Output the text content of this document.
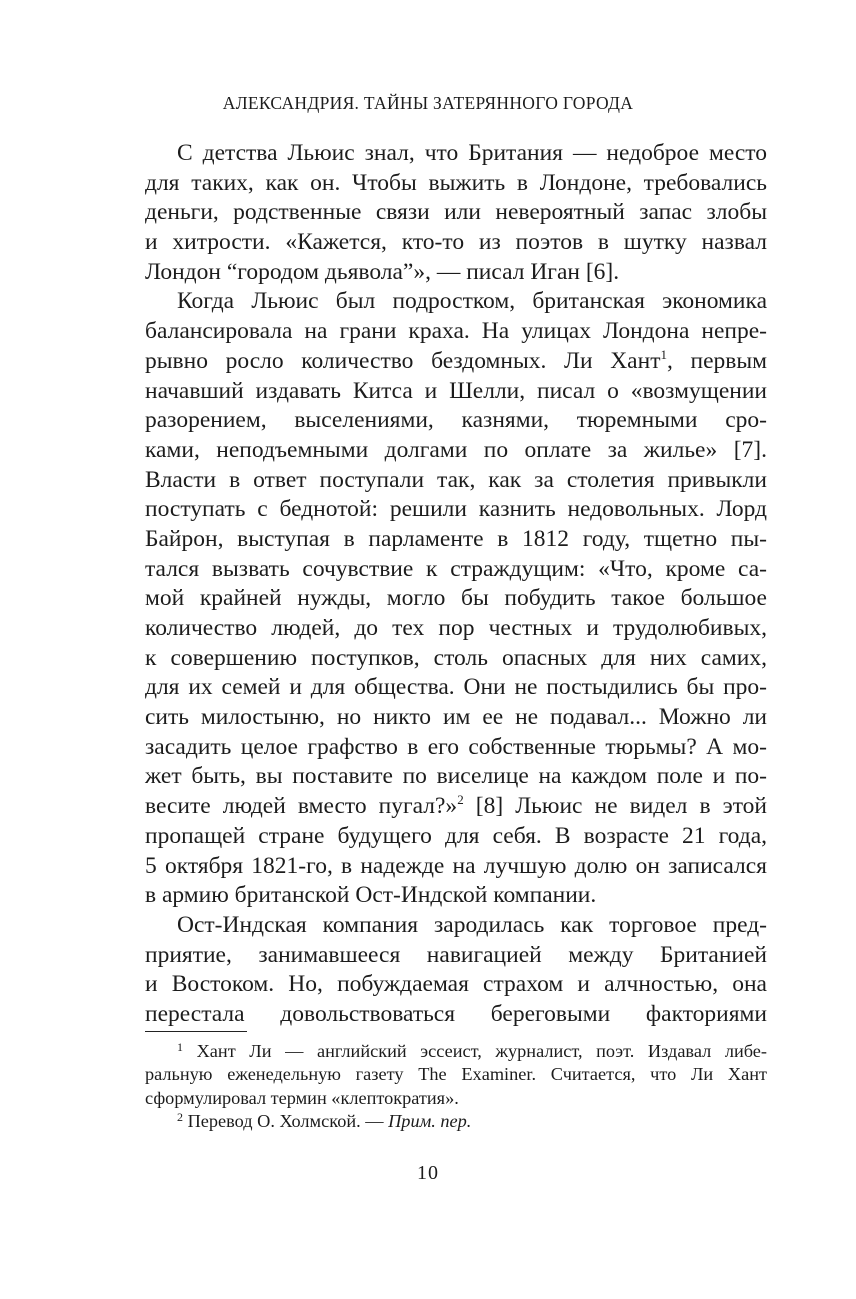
АЛЕКСАНДРИЯ. ТАЙНЫ ЗАТЕРЯННОГО ГОРОДА
С детства Льюис знал, что Британия — недоброе место
для таких, как он. Чтобы выжить в Лондоне, требовались
деньги, родственные связи или невероятный запас злобы
и хитрости. «Кажется, кто-то из поэтов в шутку назвал
Лондон “городом дьявола”», — писал Иган [6].
Когда Льюис был подростком, британская экономика
балансировала на грани краха. На улицах Лондона непре-
рывно росло количество бездомных. Ли Хант$^1$, первым
начавший издавать Китса и Шелли, писал о «возмущении
разорением, выселениями, казнями, тюремными сро-
ками, неподъемными долгами по оплате за жилье» [7].
Власти в ответ поступали так, как за столетия привыкли
поступать с беднотой: решили казнить недовольных. Лорд
Байрон, выступая в парламенте в 1812 году, тщетно пы-
тался вызвать сочувствие к страждущим: «Что, кроме са-
мой крайней нужды, могло бы побудить такое большое
количество людей, до тех пор честных и трудолюбивых,
к совершению поступков, столь опасных для них самих,
для их семей и для общества. Они не постыдились бы про-
сить милостыню, но никто им ее не подавал... Можно ли
засадить целое графство в его собственные тюрьмы? А мо-
жет быть, вы поставите по виселице на каждом поле и по-
весите людей вместо пугал?»$^2$ [8] Льюис не видел в этой
пропащей стране будущего для себя. В возрасте 21 года,
5 октября 1821-го, в надежде на лучшую долю он записался
в армию британской Ост-Индской компании.
Ост-Индская компания зародилась как торговое пред-
приятие, занимавшееся навигацией между Британией
и Востоком. Но, побуждаемая страхом и алчностью, она
перестала довольствоваться береговыми факториями
$^1$ Хант Ли — английский эссеист, журналист, поэт. Издавал либе-
ральную еженедельную газету The Examiner. Считается, что Ли Хант
сформулировал термин «клептократия».
$^2$ Перевод О. Холмской. — Прим. пер.
10
